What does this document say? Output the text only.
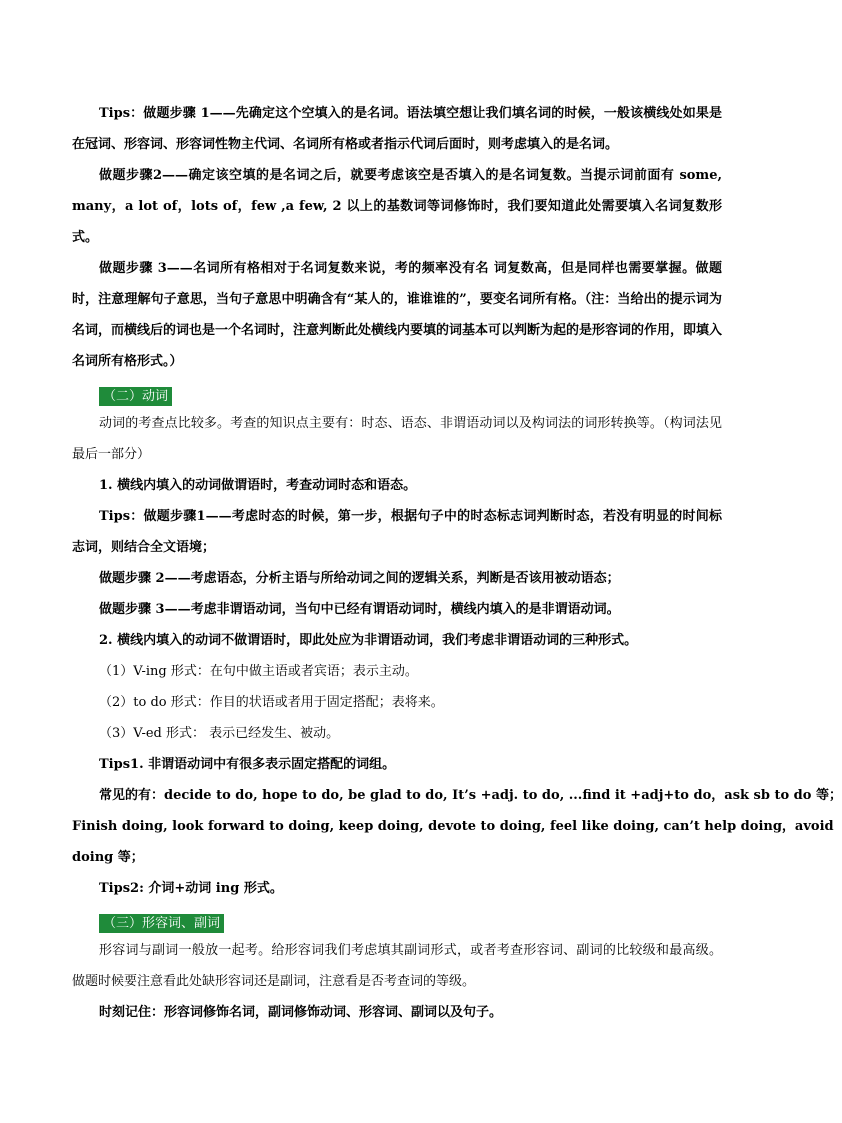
Tips：做题步骤 1——先确定这个空填入的是名词。语法填空想让我们填名词的时候，一般该横线处如果是在冠词、形容词、形容词性物主代词、名词所有格或者指示代词后面时，则考虑填入的是名词。

做题步骤2——确定该空填的是名词之后，就要考虑该空是否填入的是名词复数。当提示词前面有 some, many，a lot of，lots of，few ,a few, 2 以上的基数词等词修饰时，我们要知道此处需要填入名词复数形式。

做题步骤 3——名词所有格相对于名词复数来说，考的频率没有名 词复数高，但是同样也需要掌握。做题时，注意理解句子意思，当句子意思中明确含有“某人的，谁谁谁的”，要变名词所有格。（注：当给出的提示词为名词，而横线后的词也是一个名词时，注意判断此处横线内要填的词基本可以判断为起的是形容词的作用，即填入名词所有格形式。）

（二）动词

动词的考查点比较多。考查的知识点主要有：时态、语态、非谓语动词以及构词法的词形转换等。（构词法见最后一部分）

1. 横线内填入的动词做谓语时，考查动词时态和语态。

Tips：做题步骤1——考虑时态的时候，第一步，根据句子中的时态标志词判断时态，若没有明显的时间标志词，则结合全文语境；

做题步骤 2——考虑语态，分析主语与所给动词之间的逻辑关系，判断是否该用被动语态；

做题步骤 3——考虑非谓语动词，当句中已经有谓语动词时，横线内填入的是非谓语动词。

2. 横线内填入的动词不做谓语时，即此处应为非谓语动词，我们考虑非谓语动词的三种形式。

（1）V-ing 形式：在句中做主语或者宾语；表示主动。

（2）to do 形式：作目的状语或者用于固定搭配；表将来。

（3）V-ed 形式： 表示已经发生、被动。

Tips1. 非谓语动词中有很多表示固定搭配的词组。

常见的有：decide to do, hope to do, be glad to do, It’s +adj. to do, ...find it +adj+to do，ask sb to do 等；

Finish doing, look forward to doing, keep doing, devote to doing, feel like doing, can’t help doing，avoid

doing 等；

Tips2: 介词+动词 ing 形式。

（三）形容词、副词

形容词与副词一般放一起考。给形容词我们考虑填其副词形式，或者考查形容词、副词的比较级和最高级。做题时候要注意看此处缺形容词还是副词，注意看是否考查词的等级。

时刻记住：形容词修饰名词，副词修饰动词、形容词、副词以及句子。
